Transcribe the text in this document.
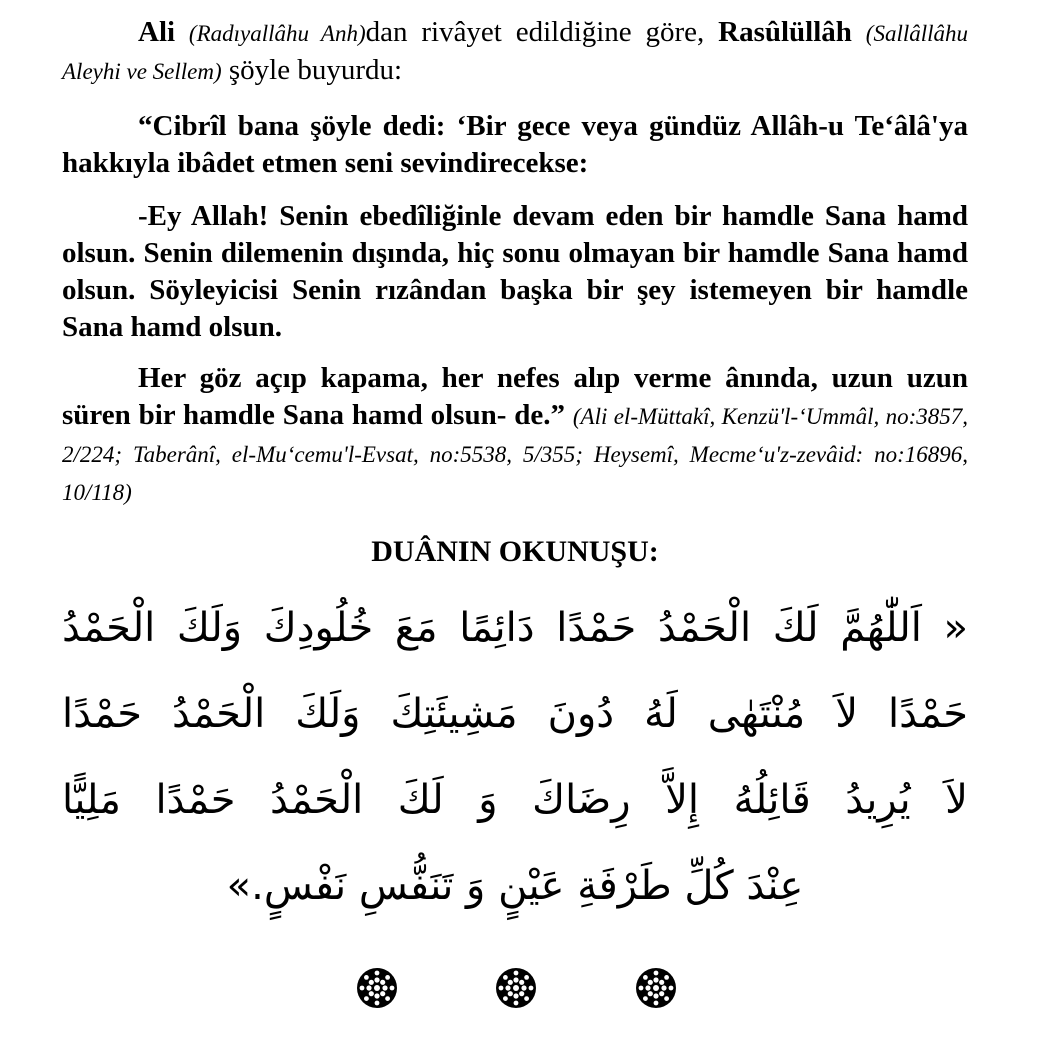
Ali (Radıyallâhu Anh)dan rivâyet edildiğine göre, Rasûlüllâh (Sallâllâhu Aleyhi ve Sellem) şöyle buyurdu:

“Cibrîl bana şöyle dedi: ‘Bir gece veya gündüz Allâh-u Te‘âlâ'ya hakkıyla ibâdet etmen seni sevindirecekse:

-Ey Allah! Senin ebedîliğinle devam eden bir hamdle Sana hamd olsun. Senin dilemenin dışında, hiç sonu olmayan bir hamdle Sana hamd olsun. Söyleyicisi Senin rızândan başka bir şey istemeyen bir hamdle Sana hamd olsun.

Her göz açıp kapama, her nefes alıp verme ânında, uzun uzun süren bir hamdle Sana hamd olsun- de.” (Ali el-Müttakî, Kenzü'l-‘Ummâl, no:3857, 2/224; Taberânî, el-Mu‘cemu'l-Evsat, no:5538, 5/355; Heysemî, Mecme‘u'z-zevâid: no:16896, 10/118)

DUÂNIN OKUNUŞU:

« اَللّٰهُمَّ لَكَ الْحَمْدُ حَمْدًا دَائِمًا مَعَ خُلُودِكَ وَلَكَ الْحَمْدُ
حَمْدًا لاَ مُنْتَهٰى لَهُ دُونَ مَشِيئَتِكَ وَلَكَ الْحَمْدُ حَمْدًا
لاَ يُرِيدُ قَائِلُهُ إِلاَّ رِضَاكَ وَ لَكَ الْحَمْدُ حَمْدًا مَلِيًّا
عِنْدَ كُلِّ طَرْفَةِ عَيْنٍ وَ تَنَفُّسِ نَفْسٍ.»
